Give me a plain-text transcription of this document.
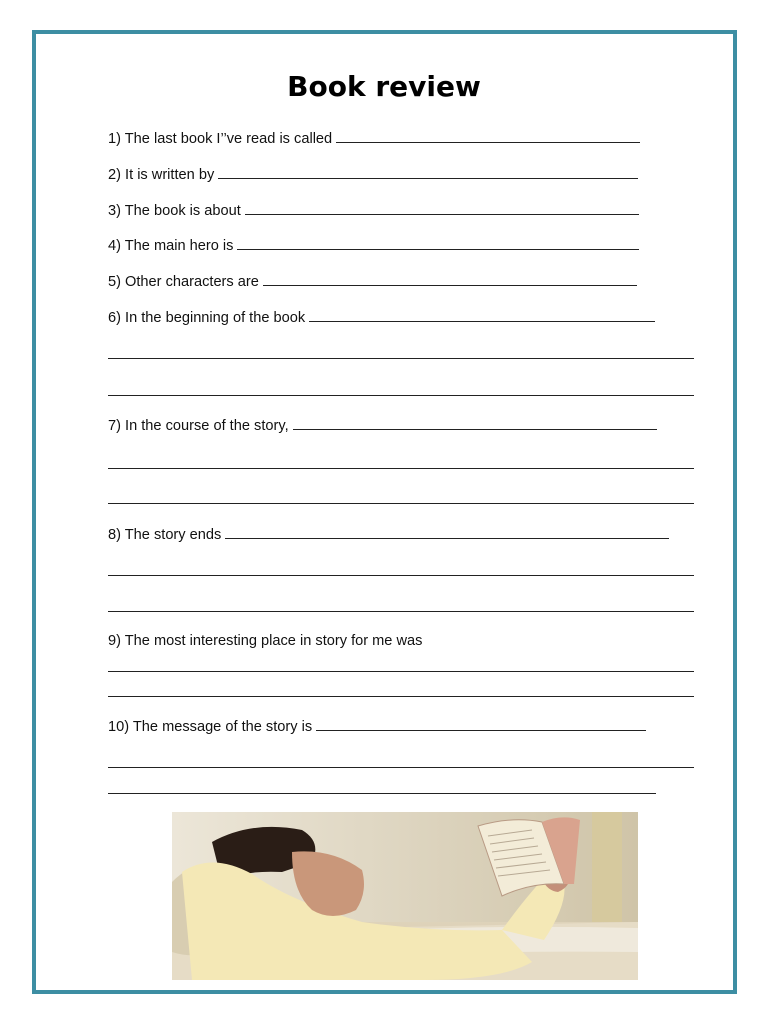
Book review
1) The last book I’’ve read is called
2) It is written by
3) The book is about
4) The main hero is
5) Other characters are
6) In the beginning of the book
7) In the course of the story,
8) The story ends
9) The most interesting place in story for me was
10) The message of the story is
